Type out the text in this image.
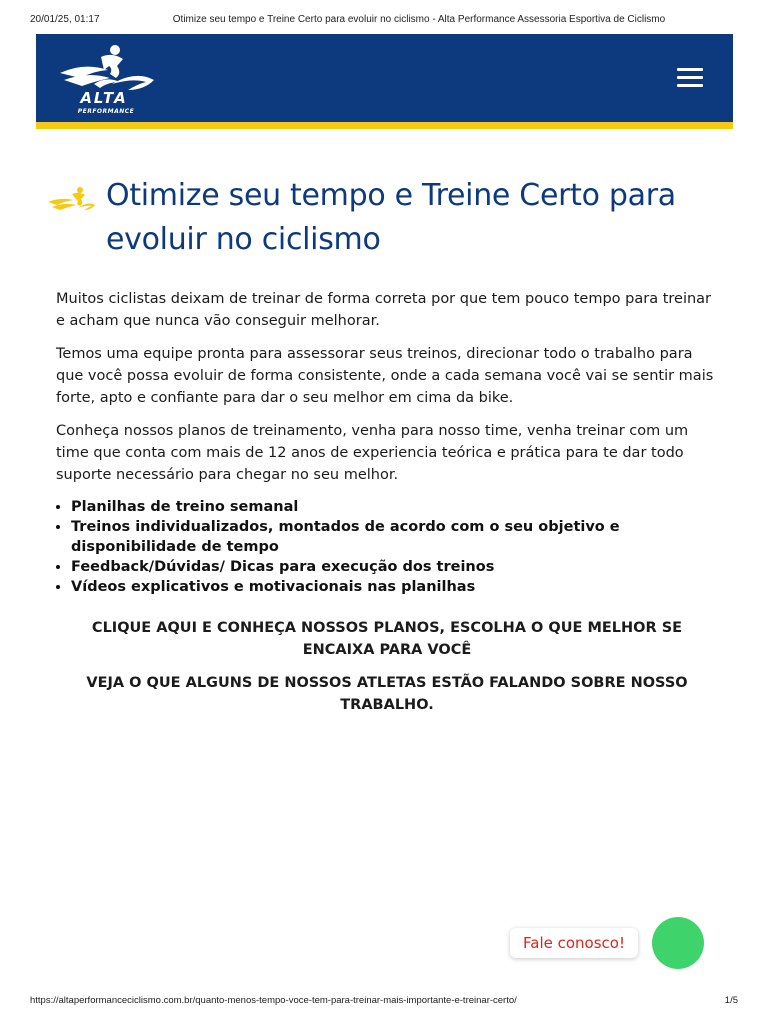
20/01/25, 01:17	Otimize seu tempo e Treine Certo para evoluir no ciclismo - Alta Performance Assessoria Esportiva de Ciclismo
ALTA
PERFORMANCE
Otimize seu tempo e Treine Certo para evoluir no ciclismo

Muitos ciclistas deixam de treinar de forma correta por que tem pouco tempo para treinar e acham que nunca vão conseguir melhorar.

Temos uma equipe pronta para assessorar seus treinos, direcionar todo o trabalho para que você possa evoluir de forma consistente, onde a cada semana você vai se sentir mais forte, apto e confiante para dar o seu melhor em cima da bike.

Conheça nossos planos de treinamento, venha para nosso time, venha treinar com um time que conta com mais de 12 anos de experiencia teórica e prática para te dar todo suporte necessário para chegar no seu melhor.

• Planilhas de treino semanal
• Treinos individualizados, montados de acordo com o seu objetivo e disponibilidade de tempo
• Feedback/Dúvidas/ Dicas para execução dos treinos
• Vídeos explicativos e motivacionais nas planilhas

CLIQUE AQUI E CONHEÇA NOSSOS PLANOS, ESCOLHA O QUE MELHOR SE ENCAIXA PARA VOCÊ

VEJA O QUE ALGUNS DE NOSSOS ATLETAS ESTÃO FALANDO SOBRE NOSSO TRABALHO.

Fale conosco!
https://altaperformanceciclismo.com.br/quanto-menos-tempo-voce-tem-para-treinar-mais-importante-e-treinar-certo/	1/5
